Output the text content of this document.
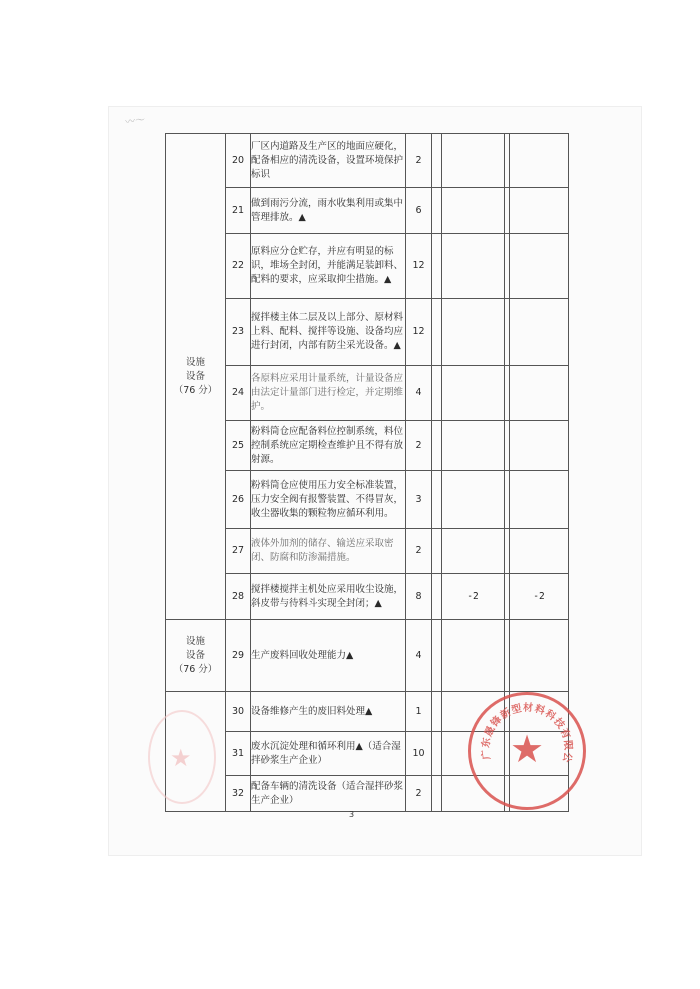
〰〜
设施
设备
（76 分）	20	厂区内道路及生产区的地面应硬化，配备相应的清洗设备，设置环境保护标识	2				
	21	做到雨污分流，雨水收集利用或集中管理排放。▲	6				
	22	原料应分仓贮存，并应有明显的标识，堆场全封闭，并能满足装卸料、配料的要求，应采取抑尘措施。▲	12				
	23	搅拌楼主体二层及以上部分、原材料上料、配料、搅拌等设施、设备均应进行封闭，内部有防尘采光设备。▲	12				
	24	各原料应采用计量系统，计量设备应由法定计量部门进行检定，并定期维护。	4				
	25	粉料筒仓应配备料位控制系统，料位控制系统应定期检查维护且不得有放射源。	2				
	26	粉料筒仓应使用压力安全标准装置，压力安全阀有报警装置、不得冒灰，收尘器收集的颗粒物应循环利用。	3				
	27	液体外加剂的储存、输送应采取密闭、防腐和防渗漏措施。	2				
	28	搅拌楼搅拌主机处应采用收尘设施，斜皮带与待料斗实现全封闭；▲	8		-2		-2

设施
设备
（76 分）	29	生产废料回收处理能力▲	4				
	30	设备维修产生的废旧料处理▲	1				
	31	废水沉淀处理和循环利用▲（适合湿拌砂浆生产企业）	10				
	32	配备车辆的清洗设备（适合湿拌砂浆生产企业）	2				
★	广东晟锋新型材料科技有限公
★
3
